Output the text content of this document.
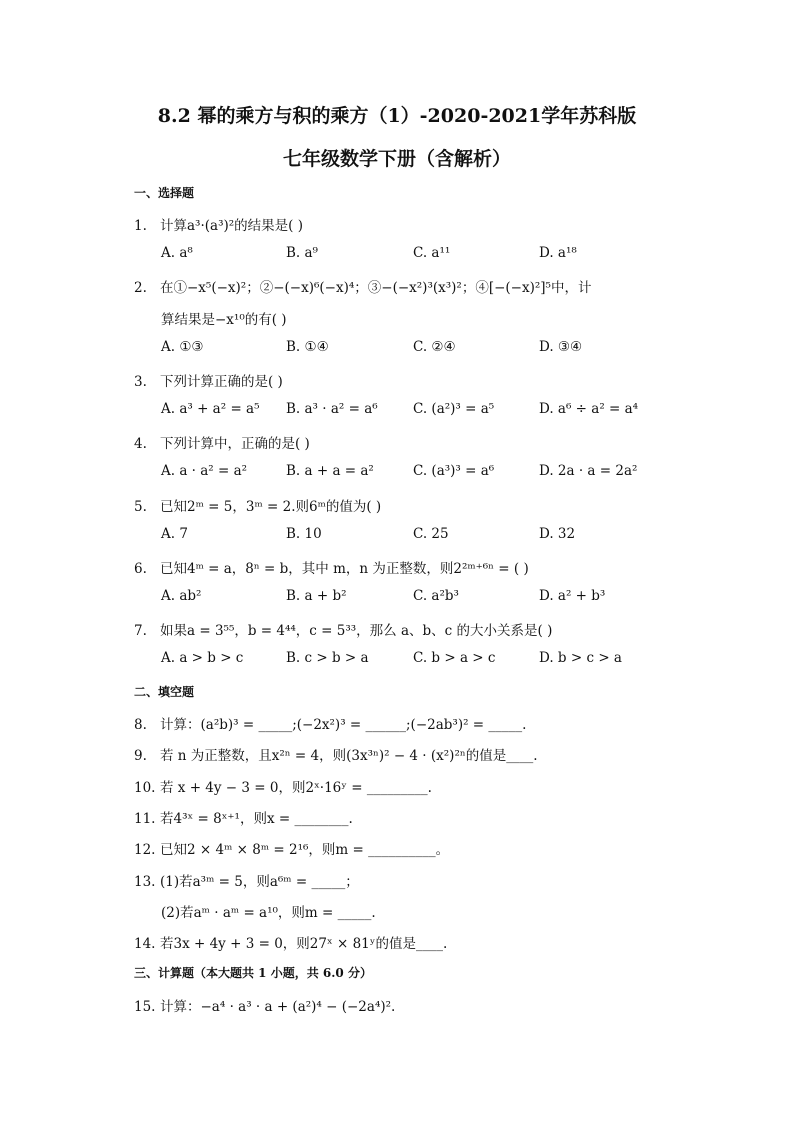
8.2 幂的乘方与积的乘方（1）-2020-2021学年苏科版
七年级数学下册（含解析）
一、选择题
1. 计算a³·(a³)²的结果是( )
A. a⁸	B. a⁹	C. a¹¹	D. a¹⁸
2. 在①−x⁵(−x)²；②−(−x)⁶(−x)⁴；③−(−x²)³(x³)²；④[−(−x)²]⁵中，计
算结果是−x¹⁰的有( )
A. ①③	B. ①④	C. ②④	D. ③④
3. 下列计算正确的是( )
A. a³ + a² = a⁵ B. a³ · a² = a⁶	C. (a²)³ = a⁵	D. a⁶ ÷ a² = a⁴
4. 下列计算中，正确的是( )
A. a · a² = a²	B. a + a = a²	C. (a³)³ = a⁶	D. 2a · a = 2a²
5. 已知2ᵐ = 5，3ᵐ = 2.则6ᵐ的值为( )
A. 7	B. 10	C. 25	D. 32
6. 已知4ᵐ = a，8ⁿ = b，其中 m，n 为正整数，则2²ᵐ⁺⁶ⁿ = ( )
A. ab²	B. a + b²	C. a²b³	D. a² + b³
7. 如果a = 3⁵⁵，b = 4⁴⁴，c = 5³³，那么 a、b、c 的大小关系是( )
A. a > b > c	B. c > b > a	C. b > a > c	D. b > c > a
二、填空题
8. 计算：(a²b)³ = _____;(−2x²)³ = ______;(−2ab³)² = _____.
9. 若 n 为正整数，且x²ⁿ = 4，则(3x³ⁿ)² − 4 · (x²)²ⁿ的值是____.
10. 若 x + 4y − 3 = 0，则2ˣ·16ʸ = _________.
11. 若4³ˣ = 8ˣ⁺¹，则x = ________.
12. 已知2 × 4ᵐ × 8ᵐ = 2¹⁶，则m = __________。
13. (1)若a³ᵐ = 5，则a⁶ᵐ = _____；
(2)若aᵐ · aᵐ = a¹⁰，则m = _____.
14. 若3x + 4y + 3 = 0，则27ˣ × 81ʸ的值是____.
三、计算题（本大题共 1 小题，共 6.0 分）
15. 计算：−a⁴ · a³ · a + (a²)⁴ − (−2a⁴)².
